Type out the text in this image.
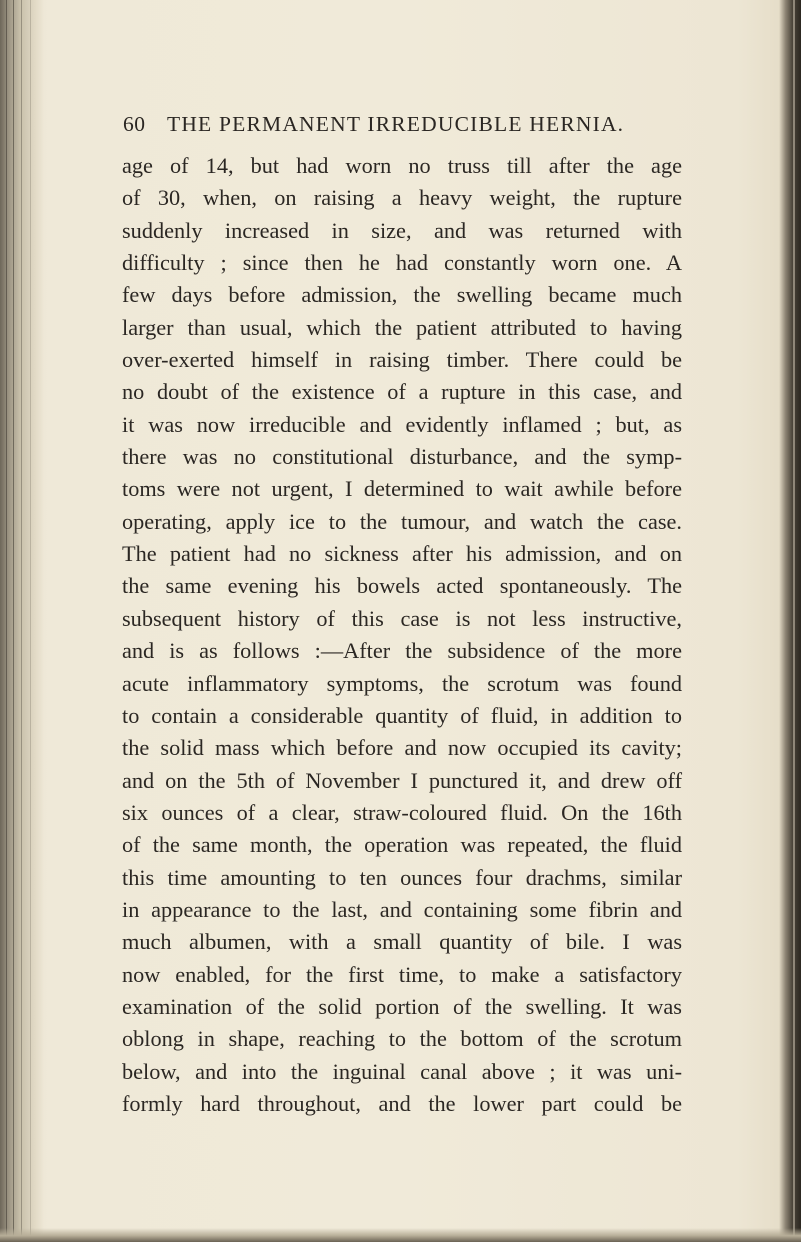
60 THE PERMANENT IRREDUCIBLE HERNIA.
age of 14, but had worn no truss till after the age
of 30, when, on raising a heavy weight, the rupture
suddenly increased in size, and was returned with
difficulty ; since then he had constantly worn one. A
few days before admission, the swelling became much
larger than usual, which the patient attributed to having
over-exerted himself in raising timber. There could be
no doubt of the existence of a rupture in this case, and
it was now irreducible and evidently inflamed ; but, as
there was no constitutional disturbance, and the symp-
toms were not urgent, I determined to wait awhile before
operating, apply ice to the tumour, and watch the case.
The patient had no sickness after his admission, and on
the same evening his bowels acted spontaneously. The
subsequent history of this case is not less instructive,
and is as follows :—After the subsidence of the more
acute inflammatory symptoms, the scrotum was found
to contain a considerable quantity of fluid, in addition to
the solid mass which before and now occupied its cavity;
and on the 5th of November I punctured it, and drew off
six ounces of a clear, straw-coloured fluid. On the 16th
of the same month, the operation was repeated, the fluid
this time amounting to ten ounces four drachms, similar
in appearance to the last, and containing some fibrin and
much albumen, with a small quantity of bile. I was
now enabled, for the first time, to make a satisfactory
examination of the solid portion of the swelling. It was
oblong in shape, reaching to the bottom of the scrotum
below, and into the inguinal canal above ; it was uni-
formly hard throughout, and the lower part could be
